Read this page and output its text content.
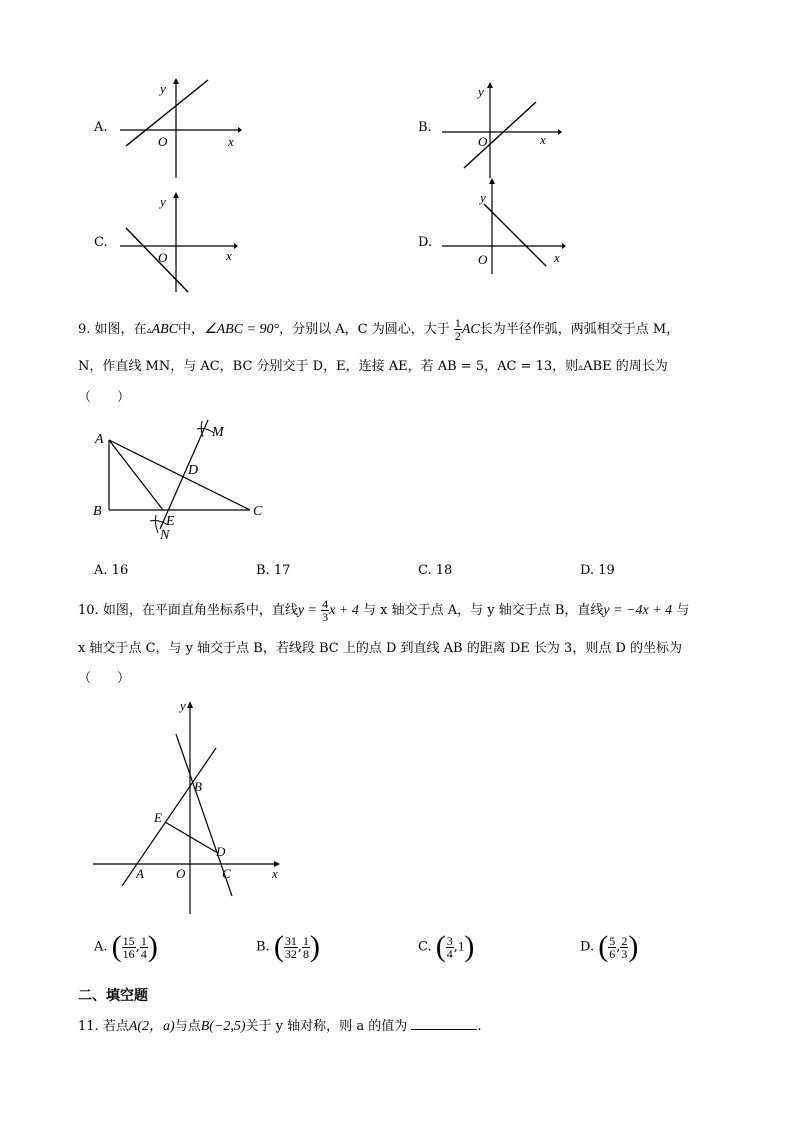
A.
y
O	x
B.
y
O	x
C.
y
O	x
D.
y
O	x
9. 如图，在▵ABC中，∠ABC = 90°，分别以 A，C 为圆心，大于 $\frac{1}{2}$ AC长为半径作弧，两弧相交于点 M，
N，作直线 MN，与 AC，BC 分别交于 D，E，连接 AE，若 AB = 5，AC = 13，则▵ABE 的周长为
（　　）
A
B	C
D
E
M
N
A. 16	B. 17	C. 18	D. 19
10. 如图，在平面直角坐标系中，直线$y = \frac{4}{3}$ x + 4 与 x 轴交于点 A，与 y 轴交于点 B，直线y = −4x + 4 与
x 轴交于点 C，与 y 轴交于点 B，若线段 BC 上的点 D 到直线 AB 的距离 DE 长为 3，则点 D 的坐标为
（　　）
y
x
B
E
D
A O	C
A. ( $\frac{15}{16}$ , $\frac{1}{4}$ )	B. ( $\frac{31}{32}$ , $\frac{1}{8}$ )	C. ( $\frac{3}{4} ,1$)	D. ( $\frac{5}{6}$ , $\frac{2}{3}$ )
二、填空题
11. 若点A(2，a)与点B(−2,5)关于 y 轴对称，则 a 的值为	.
